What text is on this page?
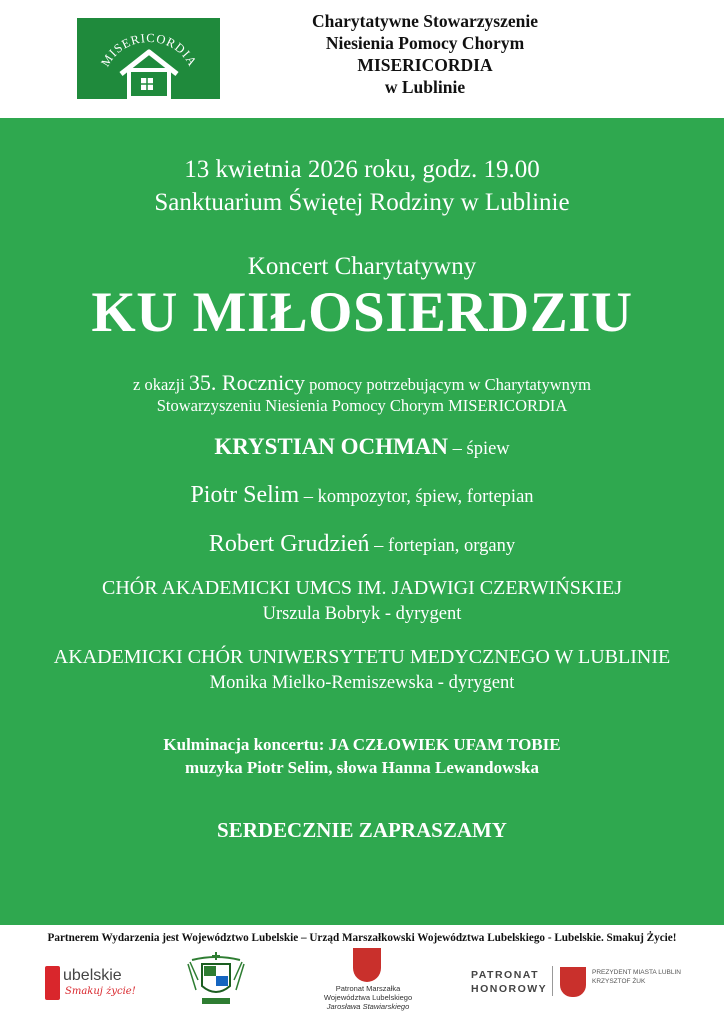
MISERICORDIA
Charytatywne Stowarzyszenie
Niesienia Pomocy Chorym
MISERICORDIA
w Lublinie
13 kwietnia 2026 roku, godz. 19.00
Sanktuarium Świętej Rodziny w Lublinie
Koncert Charytatywny
KU MIŁOSIERDZIU
z okazji 35. Rocznicy pomocy potrzebującym w Charytatywnym
Stowarzyszeniu Niesienia Pomocy Chorym MISERICORDIA
KRYSTIAN OCHMAN – śpiew
Piotr Selim – kompozytor, śpiew, fortepian
Robert Grudzień – fortepian, organy
CHÓR AKADEMICKI UMCS IM. JADWIGI CZERWIŃSKIEJ
Urszula Bobryk - dyrygent
AKADEMICKI CHÓR UNIWERSYTETU MEDYCZNEGO W LUBLINIE
Monika Mielko-Remiszewska - dyrygent
Kulminacja koncertu: JA CZŁOWIEK UFAM TOBIE
muzyka Piotr Selim, słowa Hanna Lewandowska
SERDECZNIE ZAPRASZAMY
Partnerem Wydarzenia jest Województwo Lubelskie – Urząd Marszałkowski Województwa Lubelskiego - Lubelskie. Smakuj Życie!
ubelskie
Smakuj życie!	Patronat Marszałka
Województwa Lubelskiego
Jarosława Stawiarskiego
PATRONAT
HONOROWY
PREZYDENT MIASTA LUBLIN
KRZYSZTOF ŻUK
